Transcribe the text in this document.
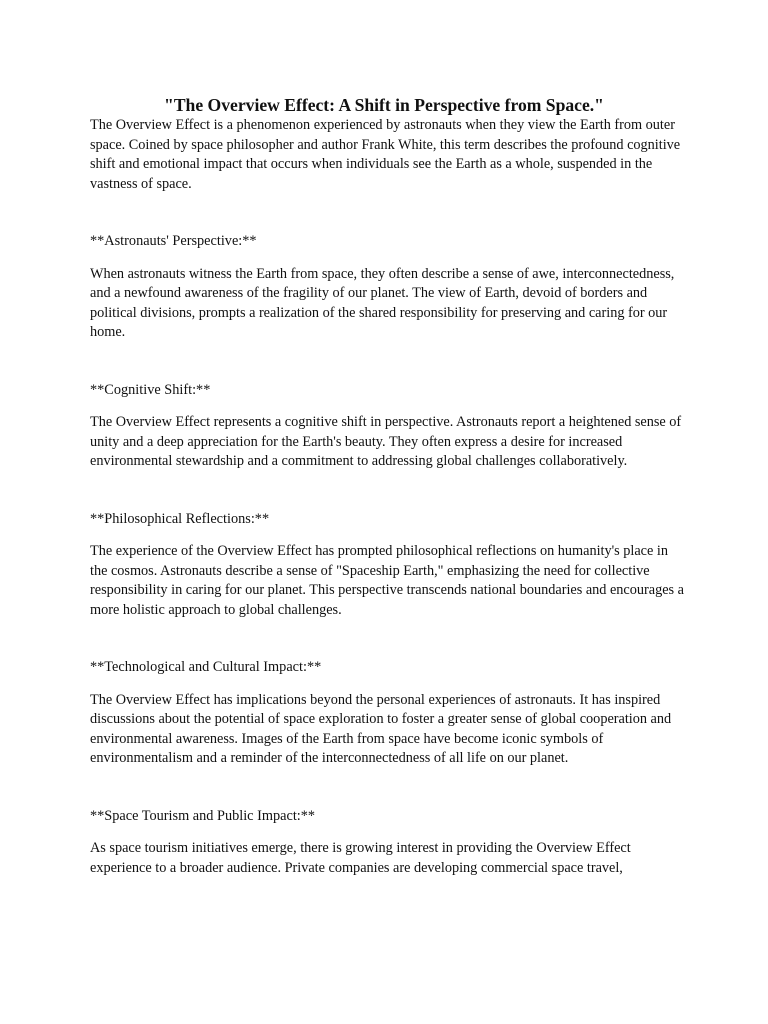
"The Overview Effect: A Shift in Perspective from Space."

The Overview Effect is a phenomenon experienced by astronauts when they view the Earth from outer space. Coined by space philosopher and author Frank White, this term describes the profound cognitive shift and emotional impact that occurs when individuals see the Earth as a whole, suspended in the vastness of space.

**Astronauts' Perspective:**

When astronauts witness the Earth from space, they often describe a sense of awe, interconnectedness, and a newfound awareness of the fragility of our planet. The view of Earth, devoid of borders and political divisions, prompts a realization of the shared responsibility for preserving and caring for our home.

**Cognitive Shift:**

The Overview Effect represents a cognitive shift in perspective. Astronauts report a heightened sense of unity and a deep appreciation for the Earth's beauty. They often express a desire for increased environmental stewardship and a commitment to addressing global challenges collaboratively.

**Philosophical Reflections:**

The experience of the Overview Effect has prompted philosophical reflections on humanity's place in the cosmos. Astronauts describe a sense of "Spaceship Earth," emphasizing the need for collective responsibility in caring for our planet. This perspective transcends national boundaries and encourages a more holistic approach to global challenges.

**Technological and Cultural Impact:**

The Overview Effect has implications beyond the personal experiences of astronauts. It has inspired discussions about the potential of space exploration to foster a greater sense of global cooperation and environmental awareness. Images of the Earth from space have become iconic symbols of environmentalism and a reminder of the interconnectedness of all life on our planet.

**Space Tourism and Public Impact:**

As space tourism initiatives emerge, there is growing interest in providing the Overview Effect experience to a broader audience. Private companies are developing commercial space travel,
